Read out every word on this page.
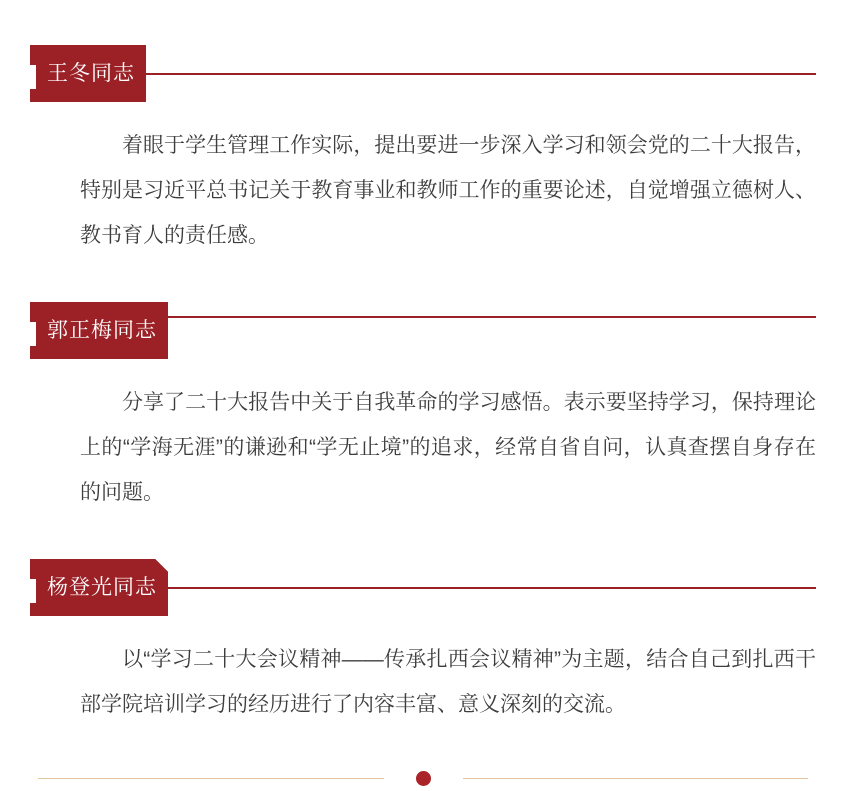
王冬同志

着眼于学生管理工作实际，提出要进一步深入学习和领会党的二十大报告，特别是习近平总书记关于教育事业和教师工作的重要论述，自觉增强立德树人、教书育人的责任感。

郭正梅同志

分享了二十大报告中关于自我革命的学习感悟。表示要坚持学习，保持理论上的“学海无涯”的谦逊和“学无止境”的追求，经常自省自问，认真查摆自身存在的问题。

杨登光同志

以“学习二十大会议精神——传承扎西会议精神”为主题，结合自己到扎西干部学院培训学习的经历进行了内容丰富、意义深刻的交流。
